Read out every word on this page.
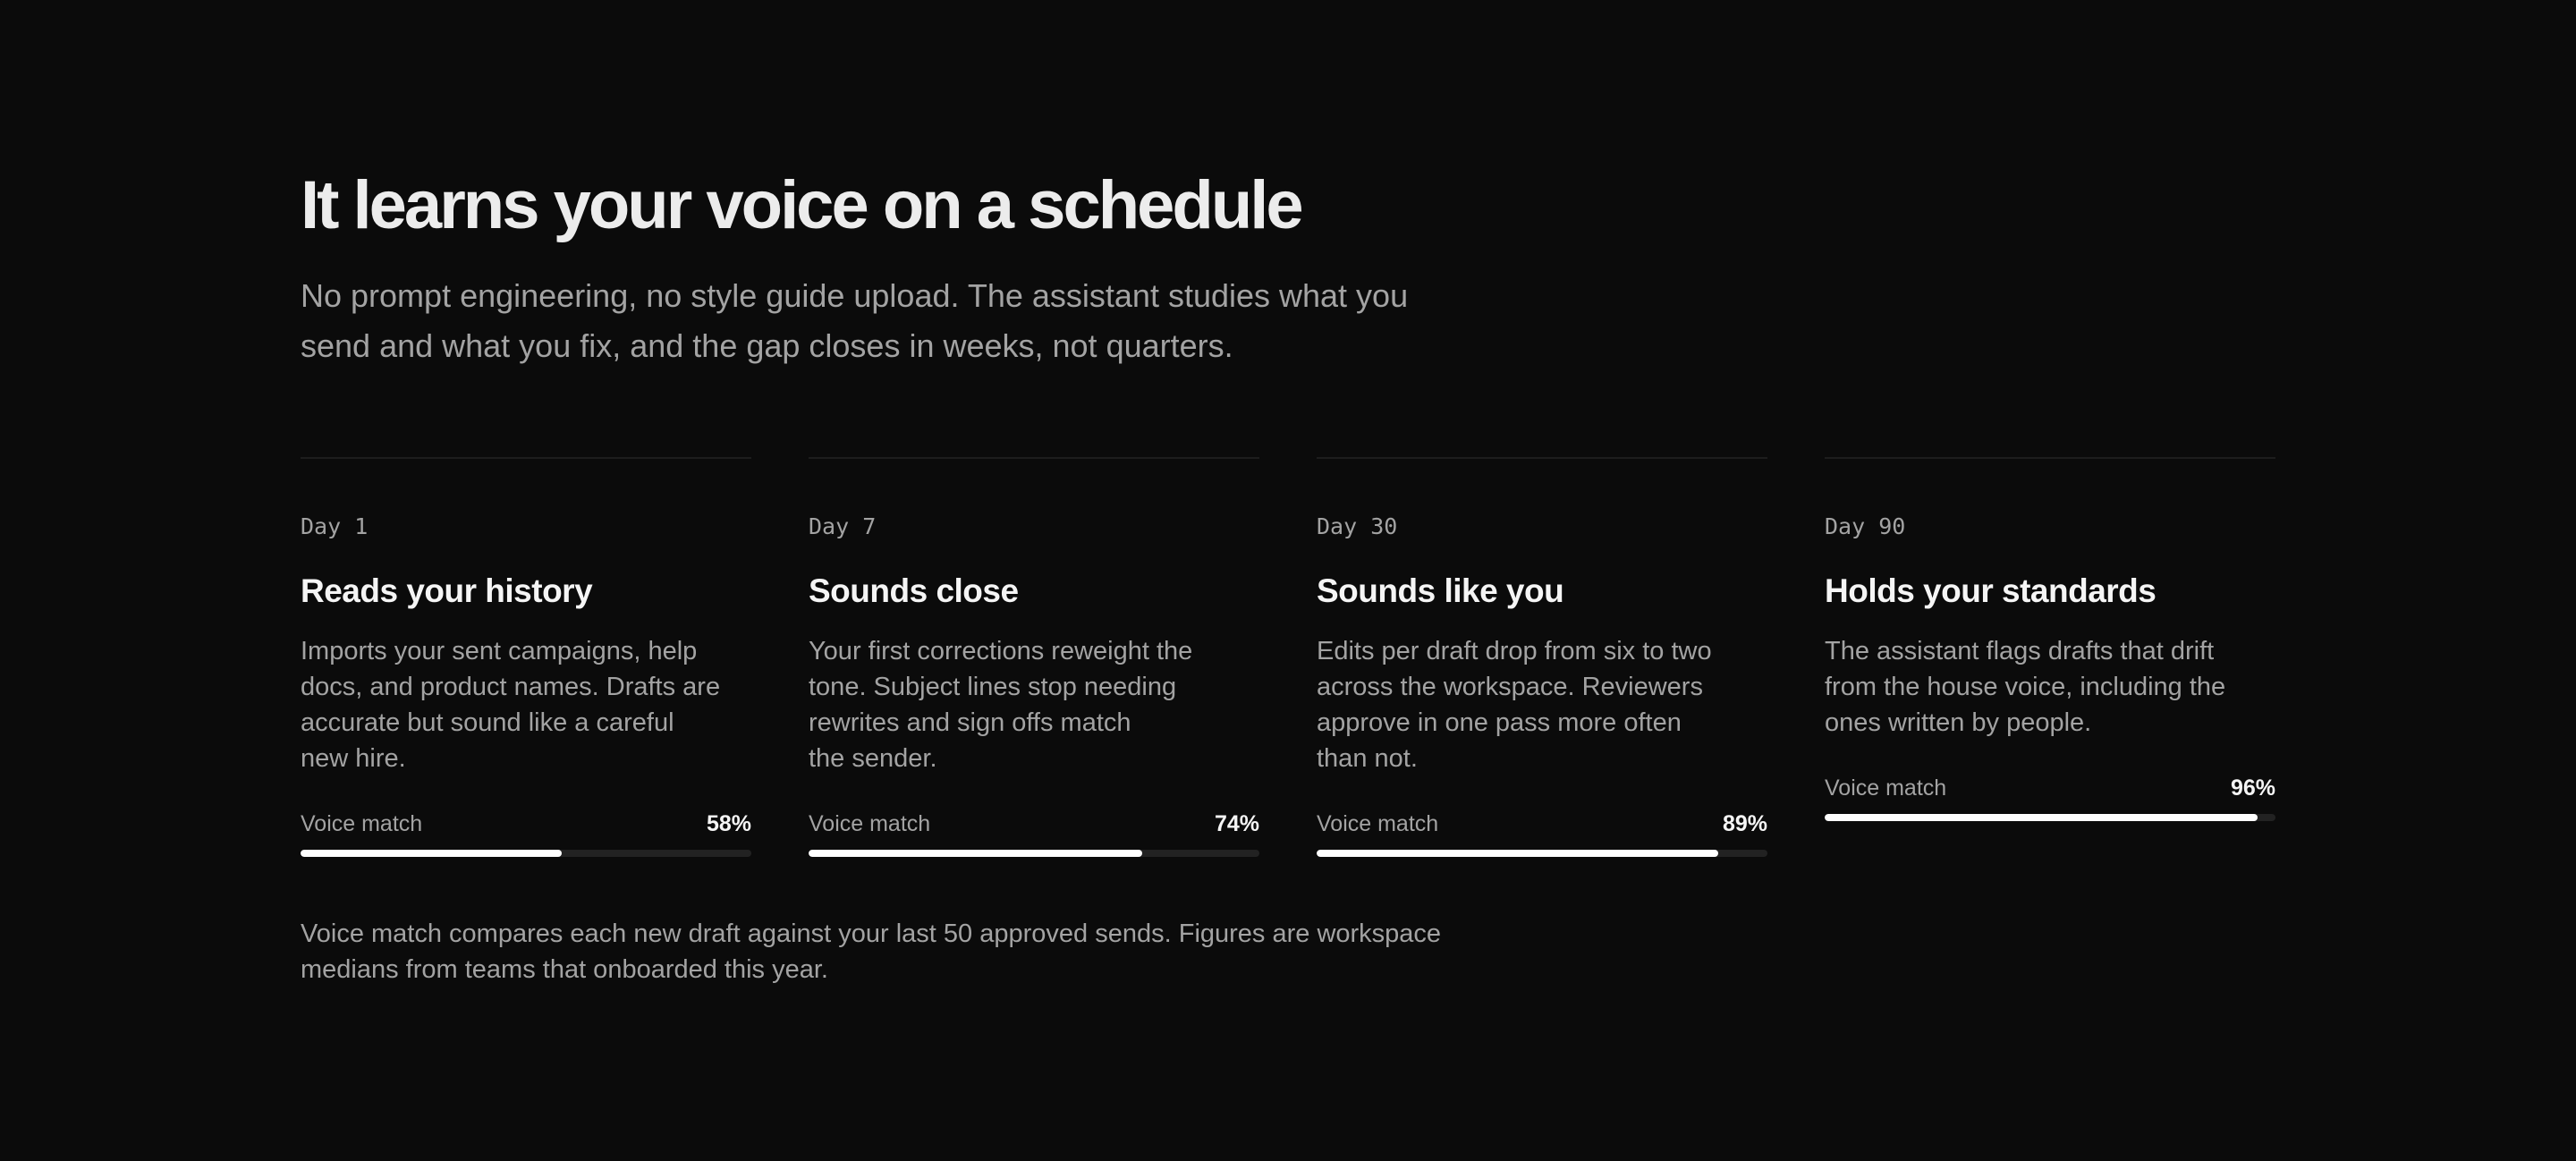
It learns your voice on a schedule

No prompt engineering, no style guide upload. The assistant studies what you
send and what you fix, and the gap closes in weeks, not quarters.

Day 1
Reads your history

Imports your sent campaigns, help
docs, and product names. Drafts are
accurate but sound like a careful
new hire.

Voice match	58%
Day 7
Sounds close

Your first corrections reweight the
tone. Subject lines stop needing
rewrites and sign offs match
the sender.

Voice match	74%
Day 30
Sounds like you

Edits per draft drop from six to two
across the workspace. Reviewers
approve in one pass more often
than not.

Voice match	89%
Day 90
Holds your standards

The assistant flags drafts that drift
from the house voice, including the
ones written by people.

Voice match	96%

Voice match compares each new draft against your last 50 approved sends. Figures are workspace
medians from teams that onboarded this year.
